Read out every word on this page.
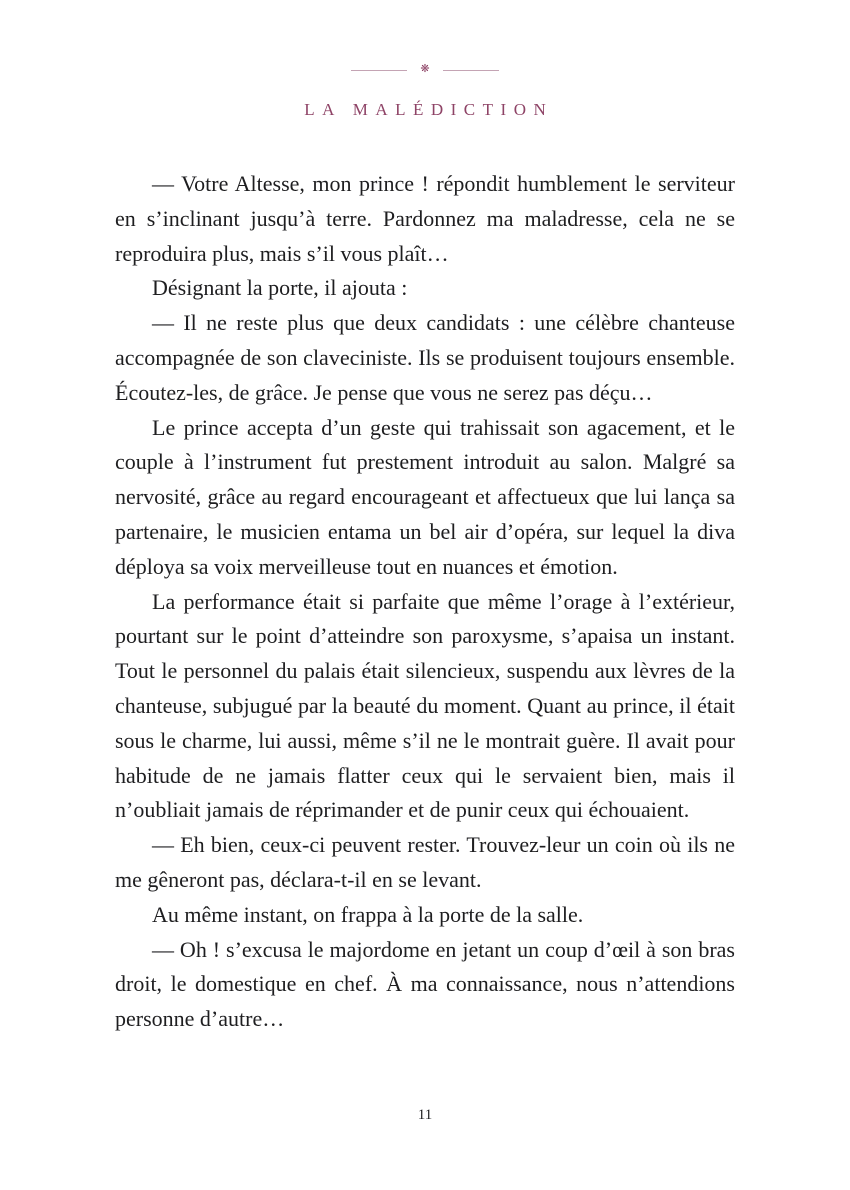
❋
LA MALÉDICTION

— Votre Altesse, mon prince ! répondit humblement le serviteur en s’inclinant jusqu’à terre. Pardonnez ma maladresse, cela ne se reproduira plus, mais s’il vous plaît…

Désignant la porte, il ajouta :

— Il ne reste plus que deux candidats : une célèbre chanteuse accompagnée de son claveciniste. Ils se produisent toujours ensemble. Écoutez-les, de grâce. Je pense que vous ne serez pas déçu…

Le prince accepta d’un geste qui trahissait son agacement, et le couple à l’instrument fut prestement introduit au salon. Malgré sa nervosité, grâce au regard encourageant et affectueux que lui lança sa partenaire, le musicien entama un bel air d’opéra, sur lequel la diva déploya sa voix merveilleuse tout en nuances et émotion.

La performance était si parfaite que même l’orage à l’extérieur, pourtant sur le point d’atteindre son paroxysme, s’apaisa un instant. Tout le personnel du palais était silencieux, suspendu aux lèvres de la chanteuse, subjugué par la beauté du moment. Quant au prince, il était sous le charme, lui aussi, même s’il ne le montrait guère. Il avait pour habitude de ne jamais flatter ceux qui le servaient bien, mais il n’oubliait jamais de réprimander et de punir ceux qui échouaient.

— Eh bien, ceux-ci peuvent rester. Trouvez-leur un coin où ils ne me gêneront pas, déclara-t-il en se levant.

Au même instant, on frappa à la porte de la salle.

— Oh ! s’excusa le majordome en jetant un coup d’œil à son bras droit, le domestique en chef. À ma connaissance, nous n’attendions personne d’autre…

11
